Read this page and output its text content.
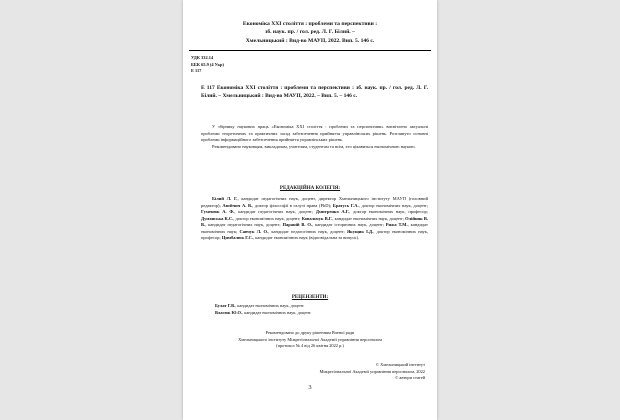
Економіка XXI століття : проблеми та перспективи :
зб. наук. пр. / гол. ред. Л. Г. Білий. –
Хмельницький : Вид-во МАУП, 2022. Вип. 5. 146 с.
УДК 332.14
ББК 65.9 (4 Укр)
Е 117
Е 117 Економіка XXI століття : проблеми та перспективи : зб. наук. пр. / гол. ред. Л. Г. Білий. – Хмельницький : Вид-во МАУП, 2022. – Вип. 5. – 146 с.

У збірнику наукових праць «Економіка XXI століття : проблеми та перспективи» висвітлено актуальні проблеми теоретичних та практичних засад забезпечення прийняття управлінських рішень. Розглянуто основні проблеми інформаційного забезпечення прийняття управлінських рішень.

Рекомендовано науковцям, викладачам, учителям, студентам та всім, хто цікавиться економічною наукою.

РЕДАКЦІЙНА КОЛЕГІЯ:
Білий Л. Г., кандидат педагогічних наук, доцент, директор Хмельницького інституту МАУП (головний редактор); Авєйчич А. В., доктор філософії в галузі права (PhD); Братусь Г.А., доктор економічних наук, доцент; Гуменюк А. Ф., кандидат педагогічних наук, доцент; Дмитренко А.Г., доктор економічних наук, професор; Думанська К.С., доктор економічних наук, доцент; Ковальчук В.Г., кандидат економічних наук, доцент; Олійник В. В., кандидат педагогічних наук, доцент; Параній В. О., кандидат історичних наук, доцент; Рижа Т.М., кандидат економічних наук; Савчук Л. О., кандидат педагогічних наук, доцент; Якущик І.Д., доктор економічних наук, професор; Цимбалюк Г.С., кандидат економічних наук (відповідальна за випуск).
РЕЦЕНЗЕНТИ:
Булат Г.В., кандидат економічних наук, доцент.
Власюк Ю.О., кандидат економічних наук, доцент.
Рекомендовано до друку рішенням Вченої ради
Хмельницького інституту Міжрегіональної Академії управління персоналом
(протокол № 4 від 26 квітня 2022 р.)
© Хмельницький інститут
Міжрегіональної Академії управління персоналом, 2022
© автори статей
3
